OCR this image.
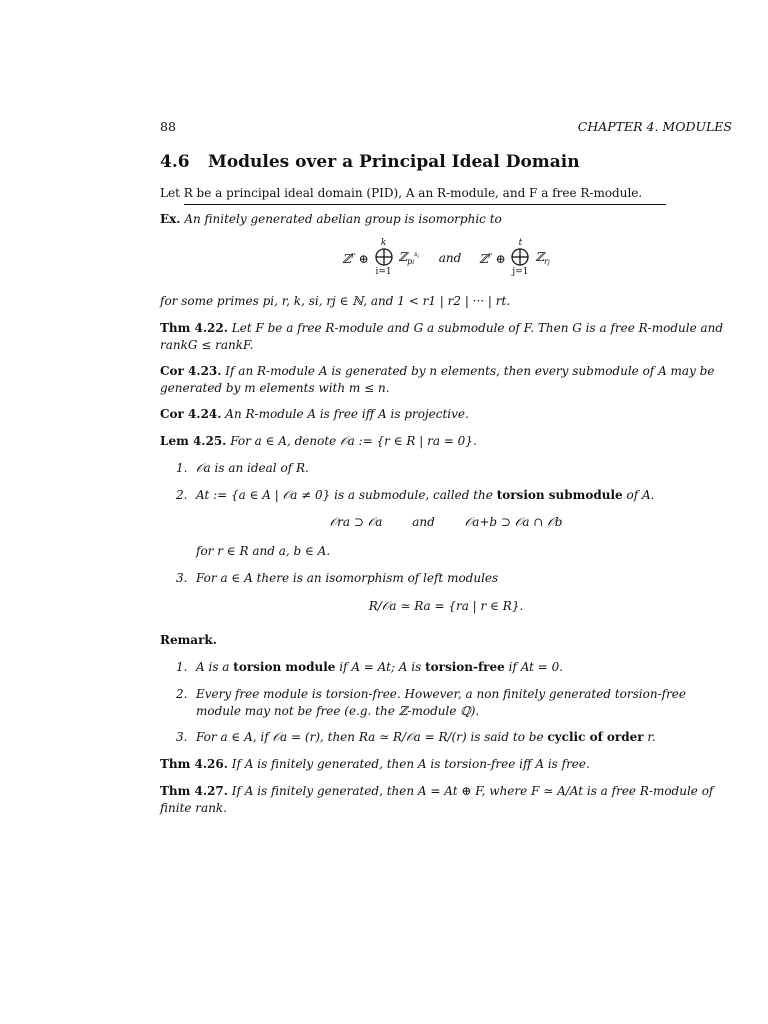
88	CHAPTER 4. MODULES
4.6 Modules over a Principal Ideal Domain
Let R be a principal ideal domain (PID), A an R-module, and F a free R-module.
Ex. An finitely generated abelian group is isomorphic to
ℤ$^r$ ⊕
k
i=1
ℤ$_{pi^{si}}$ and ℤ$^r$ ⊕
t
j=1
ℤ$_{rj}$
for some primes pi, r, k, si, rj ∈ ℕ, and 1 < r1 | r2 | ··· | rt.
Thm 4.22. Let F be a free R-module and G a submodule of F. Then G is a free R-module and rankG ≤ rankF.
Cor 4.23. If an R-module A is generated by n elements, then every submodule of A may be generated by m elements with m ≤ n.
Cor 4.24. An R-module A is free iff A is projective.
Lem 4.25. For a ∈ A, denote 𝒪a := {r ∈ R | ra = 0}.
1. 𝒪a is an ideal of R.
2. At := {a ∈ A | 𝒪a ≠ 0} is a submodule, called the torsion submodule of A.
𝒪ra ⊃ 𝒪a and 𝒪a+b ⊃ 𝒪a ∩ 𝒪b
for r ∈ R and a, b ∈ A.
3. For a ∈ A there is an isomorphism of left modules
R/𝒪a ≃ Ra = {ra | r ∈ R}.
Remark.
1. A is a torsion module if A = At; A is torsion-free if At = 0.
2. Every free module is torsion-free. However, a non finitely generated torsion-free module may not be free (e.g. the ℤ-module ℚ).
3. For a ∈ A, if 𝒪a = (r), then Ra ≃ R/𝒪a = R/(r) is said to be cyclic of order r.
Thm 4.26. If A is finitely generated, then A is torsion-free iff A is free.
Thm 4.27. If A is finitely generated, then A = At ⊕ F, where F ≃ A/At is a free R-module of finite rank.
